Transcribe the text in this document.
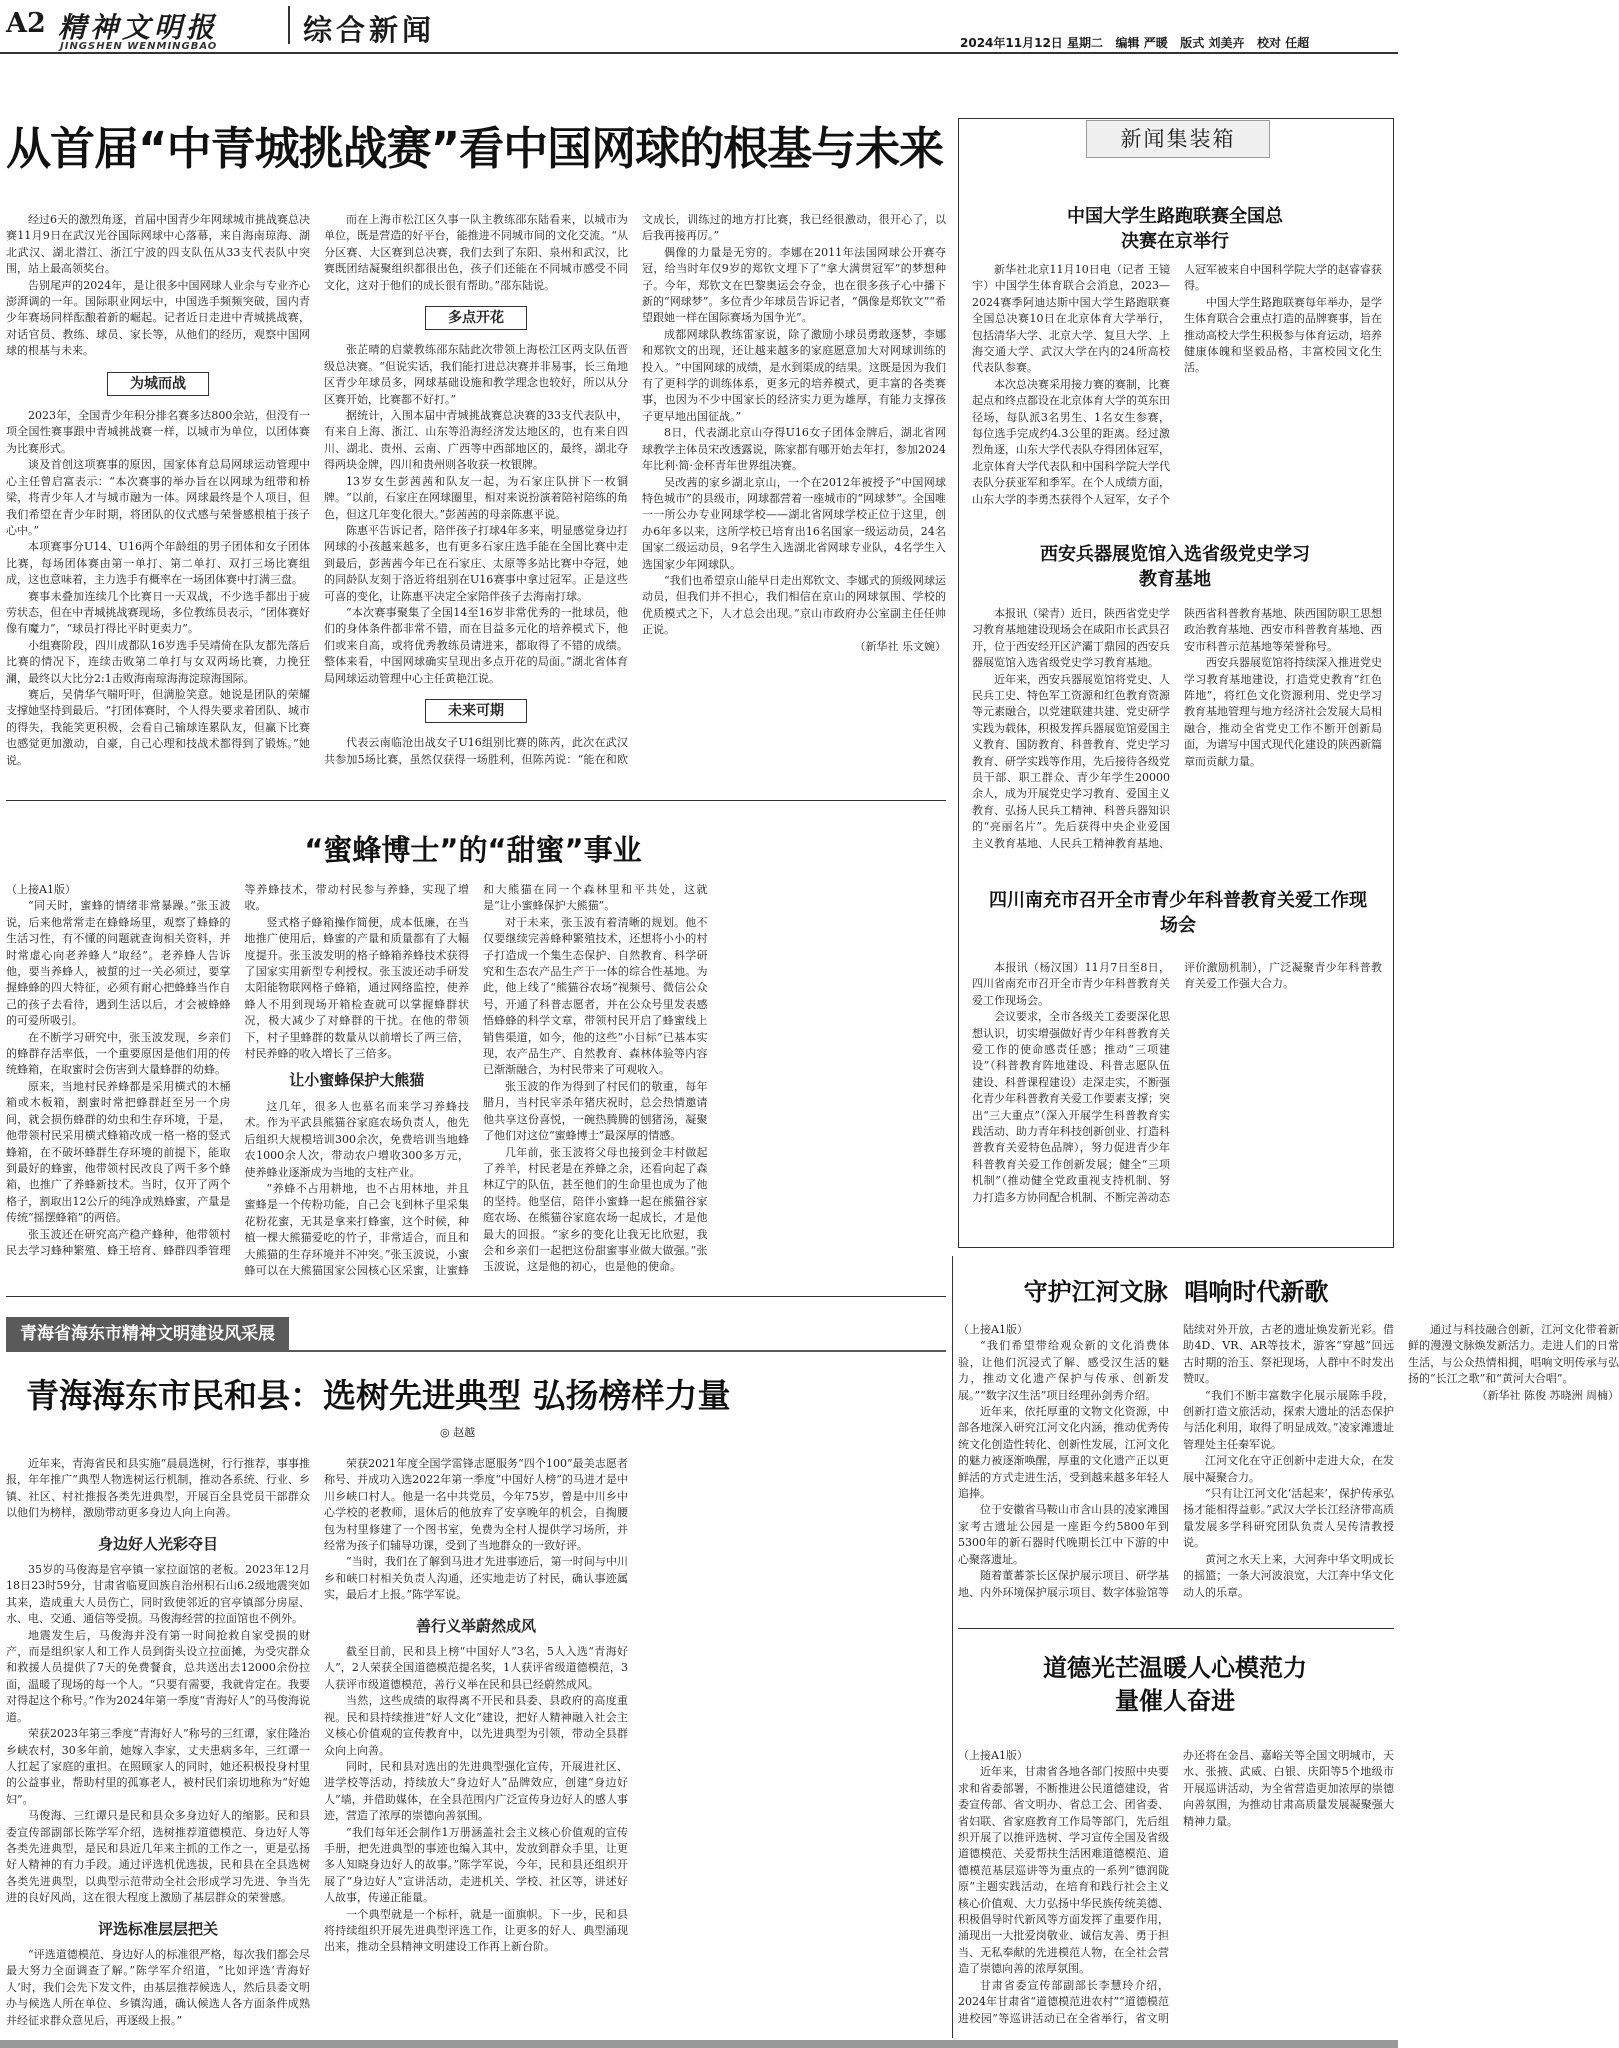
A2 精神文明报
JINGSHEN WENMINGBAO	综合新闻	2024年11月12日 星期二 编辑 严暖 版式 刘美卉 校对 任超
从首届“中青城挑战赛”看中国网球的根基与未来

经过6天的激烈角逐，首届中国青少年网球城市挑战赛总决赛11月9日在武汉光谷国际网球中心落幕，来自海南琼海、湖北武汉、湖北潜江、浙江宁波的四支队伍从33支代表队中突围，站上最高领奖台。

告别尾声的2024年，是让很多中国网球人业余与专业齐心澎湃调的一年。国际职业网坛中，中国选手频频突破，国内青少年赛场同样酝酿着新的崛起。记者近日走进中青城挑战赛，对话官员、教练、球员、家长等，从他们的经历，观察中国网球的根基与未来。

为城而战

2023年，全国青少年积分排名赛多达800余站，但没有一项全国性赛事跟中青城挑战赛一样，以城市为单位，以团体赛为比赛形式。

谈及首创这项赛事的原因，国家体育总局网球运动管理中心主任曾启富表示：“本次赛事的举办旨在以网球为纽带和桥梁，将青少年人才与城市融为一体。网球最终是个人项目，但我们希望在青少年时期，将团队的仪式感与荣誉感根植于孩子心中。”

本项赛事分U14、U16两个年龄组的男子团体和女子团体比赛，每场团体赛由第一单打、第二单打、双打三场比赛组成，这也意味着，主力选手有概率在一场团体赛中打满三盘。

赛事未叠加连续几个比赛日一天双战，不少选手都出于疲劳状态，但在中青城挑战赛现场，多位教练员表示，“团体赛好像有魔力”，“球员打得比平时更卖力”。

小组赛阶段，四川成都队16岁选手吴靖倚在队友都先落后比赛的情况下，连续击败第二单打与女双两场比赛，力挽狂澜，最终以大比分2:1击败海南琼海海淀琼海国际。

赛后，吴倩华气喘吁吁，但满脸笑意。她说是团队的荣耀支撑她坚持到最后。“打团体赛时，个人得失要求着团队、城市的得失，我能笑更积极，会看自己输球连累队友，但赢下比赛也感觉更加激动，自豪，自己心理和技战术都得到了锻炼。”她说。

而在上海市松江区久事一队主教练邵东陆看来，以城市为单位，既是营造的好平台，能推进不同城市间的文化交流。“从分区赛、大区赛到总决赛，我们去到了东阳、泉州和武汉，比赛既团结凝聚组织都很出色，孩子们还能在不同城市感受不同文化，这对于他们的成长很有帮助。”邵东陆说。

多点开花

张芷晴的启蒙教练邵东陆此次带领上海松江区两支队伍晋级总决赛。“但说实话，我们能打进总决赛并非易事，长三角地区青少年球员多，网球基础设施和教学理念也较好，所以从分区赛开始，比赛都不好打。”

据统计，入围本届中青城挑战赛总决赛的33支代表队中，有来自上海、浙江、山东等沿海经济发达地区的，也有来自四川、湖北、贵州、云南、广西等中西部地区的，最终，湖北夺得两块金牌，四川和贵州则各收获一枚银牌。

13岁女生彭茜茜和队友一起，为石家庄队拼下一枚铜牌。“以前，石家庄在网球圈里，相对来说扮演着陪衬陪练的角色，但这几年变化很大。”彭茜茜的母亲陈惠平说。

陈惠平告诉记者，陪伴孩子打球4年多来，明显感觉身边打网球的小孩越来越多，也有更多石家庄选手能在全国比赛中走到最后，彭茜茜今年已在石家庄、太原等多站比赛中夺冠，她的同龄队友刻于洛近将组别在U16赛事中拿过冠军。正是这些可喜的变化，让陈惠平决定全家陪伴孩子去海南打球。

“本次赛事聚集了全国14至16岁非常优秀的一批球员，他们的身体条件都非常不错，而在目益多元化的培养模式下，他们或来自高，或将优秀教练员请进来，都取得了不错的成绩。整体来看，中国网球确实呈现出多点开花的局面。”湖北省体育局网球运动管理中心主任黄艳江说。

未来可期

代表云南临沧出战女子U16组别比赛的陈芮，此次在武汉共参加5场比赛，虽然仅获得一场胜利，但陈芮说：“能在和欧文成长，训练过的地方打比赛，我已经很激动，很开心了，以后我再接再厉。”

偶像的力量是无穷的。李娜在2011年法国网球公开赛夺冠，给当时年仅9岁的郑钦文埋下了“拿大满贯冠军”的梦想种子。今年，郑钦文在巴黎奥运会夺金，也在很多孩子心中播下新的“网球梦”。多位青少年球员告诉记者，“偶像是郑钦文”“希望跟她一样在国际赛场为国争光”。

成都网球队教练雷家说，除了激励小球员勇敢逐梦，李娜和郑钦文的出现，还让越来越多的家庭愿意加大对网球训练的投入。“中国网球的成绩，是水到渠成的结果。这既是因为我们有了更科学的训练体系，更多元的培养模式，更丰富的各类赛事，也因为不少中国家长的经济实力更为雄厚，有能力支撑孩子更早地出国征战。”

8日，代表湖北京山夺得U16女子团体金牌后，湖北省网球教学主体员宋改透露说，陈家都有哪开始去年打，参加2024年比利·简·金杯青年世界组决赛。

吴改茜的家乡湖北京山，一个在2012年被授予“中国网球特色城市”的县级市，网球都营着一座城市的“网球梦”。全国唯一一所公办专业网球学校——湖北省网球学校正位于这里，创办6年多以来，这所学校已培育出16名国家一级运动员，24名国家二级运动员，9名学生入选湖北省网球专业队，4名学生入选国家少年网球队。

“我们也希望京山能早日走出郑钦文、李娜式的顶级网球运动员，但我们并不担心，我们相信在京山的网球氛围、学校的优质模式之下，人才总会出现。”京山市政府办公室副主任任帅正说。

（新华社 乐文婉）

“蜜蜂博士”的“甜蜜”事业

（上接A1版）

“同天时，蜜蜂的情绪非常暴躁。”张玉波说，后来他常常走在蜂蜂场里，观察了蜂蜂的生活习性，有不懂的问题就查询相关资料，并时常虚心向老养蜂人“取经”。老养蜂人告诉他，要当养蜂人，被蜇的过一关必须过，要掌握蜂蜂的四大特征，必须有耐心把蜂蜂当作自己的孩子去看待，遇到生活以后，才会被蜂蜂的可爱所吸引。

在不断学习研究中，张玉波发现，乡亲们的蜂群存活率低，一个重要原因是他们用的传统蜂箱，在取蜜时会伤害到大量蜂群的幼蜂。

原来，当地村民养蜂都是采用横式的木桶箱或木板箱，割蜜时常把蜂群赶至另一个房间，就会损伤蜂群的幼虫和生存环境，于是，他带领村民采用横式蜂箱改成一格一格的竖式蜂箱，在不破坏蜂群生存环境的前提下，能取到最好的蜂蜜，他带领村民改良了两千多个蜂箱，也推广了养蜂新技术。当时，仅开了两个格子，割取出12公斤的纯净成熟蜂蜜，产量是传统“摇摆蜂箱”的两倍。

张玉波还在研究高产稳产蜂种，他带领村民去学习蜂种繁殖、蜂王培育、蜂群四季管理等养蜂技术，带动村民参与养蜂，实现了增收。

竖式格子蜂箱操作简便，成本低廉，在当地推广使用后，蜂蜜的产量和质量都有了大幅度提升。张玉波发明的格子蜂箱养蜂技术获得了国家实用新型专利授权。张玉波还动手研发太阳能物联网格子蜂箱，通过网络监控，使养蜂人不用到现场开箱检查就可以掌握蜂群状况，极大减少了对蜂群的干扰。在他的带领下，村子里蜂群的数量从以前增长了两三倍，村民养蜂的收入增长了三倍多。

让小蜜蜂保护大熊猫

这几年，很多人也慕名而来学习养蜂技术。作为平武县熊猫谷家庭农场负责人，他先后组织大规模培训300余次，免费培训当地蜂农1000余人次，带动农户增收300多万元，使养蜂业逐渐成为当地的支柱产业。

“养蜂不占用耕地，也不占用林地，并且蜜蜂是一个传粉功能，自己会飞到林子里采集花粉花蜜，无其是拿来打蜂蜜，这个时候，种植一棵大熊猫爱吃的竹子，非常适合，而且和大熊猫的生存环境并不冲突。”张玉波说，小蜜蜂可以在大熊猫国家公园核心区采蜜，让蜜蜂和大熊猫在同一个森林里和平共处，这就是“让小蜜蜂保护大熊猫”。

对于未来，张玉波有着清晰的规划。他不仅要继续完善蜂种繁殖技术，还想将小小的村子打造成一个集生态保护、自然教育、科学研究和生态农产品生产于一体的综合性基地。为此，他上线了“熊猫谷农场”视频号、微信公众号，开通了科普志愿者，并在公众号里发表感悟蜂蜂的科学文章，带领村民开启了蜂蜜线上销售渠道，如今，他的这些“小目标”已基本实现，农产品生产、自然教育、森林体验等内容已渐渐融合，为村民带来了可观收入。

张玉波的作为得到了村民们的敬重，每年腊月，当村民宰杀年猪庆祝时，总会热情邀请他共享这份喜悦，一碗热腾腾的刨猪汤，凝聚了他们对这位“蜜蜂博士”最深厚的情感。

几年前，张玉波将父母也接到金丰村做起了养羊，村民老是在养蜂之余，还看向起了森林辽宁的队伍，甚至他们的生命里也成为了他的坚持。他坚信，陪伴小蜜蜂一起在熊猫谷家庭农场、在熊猫谷家庭农场一起成长，才是他最大的回报。“家乡的变化让我无比欣慰，我会和乡亲们一起把这份甜蜜事业做大做强。”张玉波说，这是他的初心，也是他的使命。

青海省海东市精神文明建设风采展
青海海东市民和县：选树先进典型 弘扬榜样力量
◎ 赵越

近年来，青海省民和县实施“晨晨选树，行行推荐，事事推报，年年推广”典型人物选树运行机制，推动各系统、行业、乡镇、社区、村社推报各类先进典型，开展百全县党员干部群众以他们为榜样，激励带动更多身边人向上向善。

身边好人光彩夺目

35岁的马俊海是官亭镇一家拉面馆的老板。2023年12月18日23时59分，甘肃省临夏回族自治州积石山6.2级地震突如其来，造成重大人员伤亡，同时致使邻近的官亭镇部分房屋、水、电、交通、通信等受损。马俊海经营的拉面馆也不例外。

地震发生后，马俊海并没有第一时间抢救自家受损的财产，而是组织家人和工作人员到街头设立拉面摊，为受灾群众和救援人员提供了7天的免费餐食，总共送出去12000余份拉面，温暖了现场的每一个人。“只要有需要，我就肯定在。我要对得起这个称号。”作为2024年第一季度“青海好人”的马俊海说道。

荣获2023年第三季度“青海好人”称号的三红谭，家住隆治乡峡农村，30多年前，她嫁入李家，丈夫患病多年，三红谭一人扛起了家庭的重担。在照顾家人的同时，她还积极投身村里的公益事业，帮助村里的孤寡老人，被村民们亲切地称为“好媳妇”。

马俊海、三红谭只是民和县众多身边好人的缩影。民和县委宣传部副部长陈学军介绍，选树推荐道德模范、身边好人等各类先进典型，是民和县近几年来主抓的工作之一，更是弘扬好人精神的有力手段。通过评选机优选拔，民和县在全县选树各类先进典型，以典型示范带动全社会形成学习先进、争当先进的良好风尚，这在很大程度上激励了基层群众的荣誉感。

评选标准层层把关

“评选道德模范、身边好人的标准很严格，每次我们都会尽最大努力全面调查了解。”陈学军介绍道，“比如评选‘青海好人’时，我们会先下发文件，由基层推荐候选人，然后县委文明办与候选人所在单位、乡镇沟通，确认候选人各方面条件成熟并经征求群众意见后，再逐级上报。”

荣获2021年度全国学雷锋志愿服务“四个100”最美志愿者称号、并成功入选2022年第一季度“中国好人榜”的马进才是中川乡峡口村人。他是一名中共党员，今年75岁，曾是中川乡中心学校的老教师，退休后的他放弃了安享晚年的机会，自掏腰包为村里修建了一个图书室，免费为全村人提供学习场所，并经常为孩子们辅导功课，受到了当地群众的一致好评。

“当时，我们在了解到马进才先进事迹后，第一时间与中川乡和峡口村相关负责人沟通，还实地走访了村民，确认事迹属实，最后才上报。”陈学军说。

善行义举蔚然成风

截至目前，民和县上榜“中国好人”3名，5人入选“青海好人”，2人荣获全国道德模范提名奖，1人获评省级道德模范，3人获评市级道德模范，善行义举在民和县已经蔚然成风。

当然，这些成绩的取得离不开民和县委、县政府的高度重视。民和县持续推进“好人文化”建设，把好人精神融入社会主义核心价值观的宣传教育中，以先进典型为引领，带动全县群众向上向善。

同时，民和县对选出的先进典型强化宣传，开展进社区、进学校等活动，持续放大“身边好人”品牌效应，创建“身边好人”墙，并借助媒体，在全县范围内广泛宣传身边好人的感人事迹，营造了浓厚的崇德向善氛围。

“我们每年还会制作1万册涵盖社会主义核心价值观的宣传手册，把先进典型的事迹也编入其中，发放到群众手里，让更多人知晓身边好人的故事。”陈学军说，今年，民和县还组织开展了“身边好人”宣讲活动，走进机关、学校、社区等，讲述好人故事，传递正能量。

一个典型就是一个标杆，就是一面旗帜。下一步，民和县将持续组织开展先进典型评选工作，让更多的好人、典型涌现出来，推动全县精神文明建设工作再上新台阶。

新闻集装箱
中国大学生路跑联赛全国总决赛在京举行

新华社北京11月10日电（记者 王镜宇）中国学生体育联合会消息，2023—2024赛季阿迪达斯中国大学生路跑联赛全国总决赛10日在北京体育大学举行，包括清华大学、北京大学、复旦大学、上海交通大学、武汉大学在内的24所高校代表队参赛。

本次总决赛采用接力赛的赛制，比赛起点和终点都设在北京体育大学的英东田径场，每队派3名男生、1名女生参赛，每位选手完成约4.3公里的距离。经过激烈角逐，山东大学代表队夺得团体冠军，北京体育大学代表队和中国科学院大学代表队分获亚军和季军。在个人成绩方面，山东大学的李勇杰获得个人冠军，女子个人冠军被来自中国科学院大学的赵睿睿获得。

中国大学生路跑联赛每年举办，是学生体育联合会重点打造的品牌赛事，旨在推动高校大学生积极参与体育运动，培养健康体魄和坚毅品格，丰富校园文化生活。

西安兵器展览馆入选省级党史学习教育基地

本报讯（梁青）近日，陕西省党史学习教育基地建设现场会在咸阳市长武县召开，位于西安经开区浐灞丁鼎园的西安兵器展览馆入选省级党史学习教育基地。

近年来，西安兵器展览馆将党史、人民兵工史、特色军工资源和红色教育资源等元素融合，以党建联建共建、党史研学实践为载体，积极发挥兵器展览馆爱国主义教育、国防教育、科普教育、党史学习教育、研学实践等作用，先后接待各级党员干部、职工群众、青少年学生20000余人，成为开展党史学习教育、爱国主义教育、弘扬人民兵工精神、科普兵器知识的“亮丽名片”。先后获得中央企业爱国主义教育基地、人民兵工精神教育基地、陕西省科普教育基地、陕西国防职工思想政治教育基地、西安市科普教育基地、西安市科普示范基地等荣誉称号。

西安兵器展览馆将持续深入推进党史学习教育基地建设，打造党史教育“红色阵地”，将红色文化资源利用、党史学习教育基地管理与地方经济社会发展大局相融合，推动全省党史工作不断开创新局面，为谱写中国式现代化建设的陕西新篇章而贡献力量。

四川南充市召开全市青少年科普教育关爱工作现场会

本报讯（杨汉国）11月7日至8日，四川省南充市召开全市青少年科普教育关爱工作现场会。

会议要求，全市各级关工委要深化思想认识，切实增强做好青少年科普教育关爱工作的使命感责任感；推动“三项建设”（科普教育阵地建设、科普志愿队伍建设、科普课程建设）走深走实，不断强化青少年科普教育关爱工作要素支撑；突出“三大重点”（深入开展学生科普教育实践活动、助力青年科技创新创业、打造科普教育关爱特色品牌），努力促进青少年科普教育关爱工作创新发展；健全“三项机制”（推动健全党政重视支持机制、努力打造多方协同配合机制、不断完善动态评价激励机制），广泛凝聚青少年科普教育关爱工作强大合力。

守护江河文脉  唱响时代新歌

（上接A1版）

“我们希望带给观众新的文化消费体验，让他们沉浸式了解、感受汉生活的魅力，推动文化遗产保护与传承、创新发展。”“数字汉生活”项目经理孙剑秀介绍。

近年来，依托厚重的文物文化资源，中部各地深入研究江河文化内涵，推动优秀传统文化创造性转化、创新性发展，江河文化的魅力被逐渐唤醒，厚重的文化遗产正以更鲜活的方式走进生活，受到越来越多年轻人追捧。

位于安徽省马鞍山市含山县的凌家滩国家考古遗址公园是一座距今约5800年到5300年的新石器时代晚期长江中下游的中心聚落遗址。

随着董蕃茶长区保护展示项目、研学基地、内外环境保护展示项目、数字体验馆等陆续对外开放，古老的遗址焕发新光彩。借助4D、VR、AR等技术，游客“穿越”回远古时期的治玉、祭祀现场，人群中不时发出赞叹。

“我们不断丰富数字化展示展陈手段，创新打造文旅活动，探索大遗址的活态保护与活化利用，取得了明显成效。”凌家滩遗址管理处主任秦军说。

江河文化在守正创新中走进大众，在发展中凝聚合力。

“只有让江河文化‘活起来’，保护传承弘扬才能相得益彰。”武汉大学长江经济带高质量发展多学科研究团队负责人吴传清教授说。

黄河之水天上来，大河奔中华文明成长的摇篮；一条大河波浪宽，大江奔中华文化动人的乐章。

通过与科技融合创新，江河文化带着新鲜的漫漫文脉焕发新活力。走进人们的日常生活，与公众热情相拥，唱响文明传承与弘扬的“长江之歌”和“黄河大合唱”。

（新华社 陈俊 苏晓洲 周楠）

道德光芒温暖人心模范力量催人奋进

（上接A1版）

近年来，甘肃省各地各部门按照中央要求和省委部署，不断推进公民道德建设，省委宣传部、省文明办、省总工会、团省委、省妇联、省家庭教育工作局等部门，先后组织开展了以推评选树、学习宣传全国及省级道德模范、关爱帮扶生活困难道德模范、道德模范基层巡讲等为重点的一系列“德润陇原”主题实践活动，在培育和践行社会主义核心价值观、大力弘扬中华民族传统美德、积极倡导时代新风等方面发挥了重要作用，涌现出一大批爱岗敬业、诚信友善、勇于担当、无私奉献的先进模范人物，在全社会营造了崇德向善的浓厚氛围。

甘肃省委宣传部副部长李慧玲介绍，2024年甘肃省“道德模范进农村”“道德模范进校园”等巡讲活动已在全省举行，省文明办还将在金昌、嘉峪关等全国文明城市，天水、张掖、武威、白银、庆阳等5个地级市开展巡讲活动，为全省营造更加浓厚的崇德向善氛围，为推动甘肃高质量发展凝聚强大精神力量。
